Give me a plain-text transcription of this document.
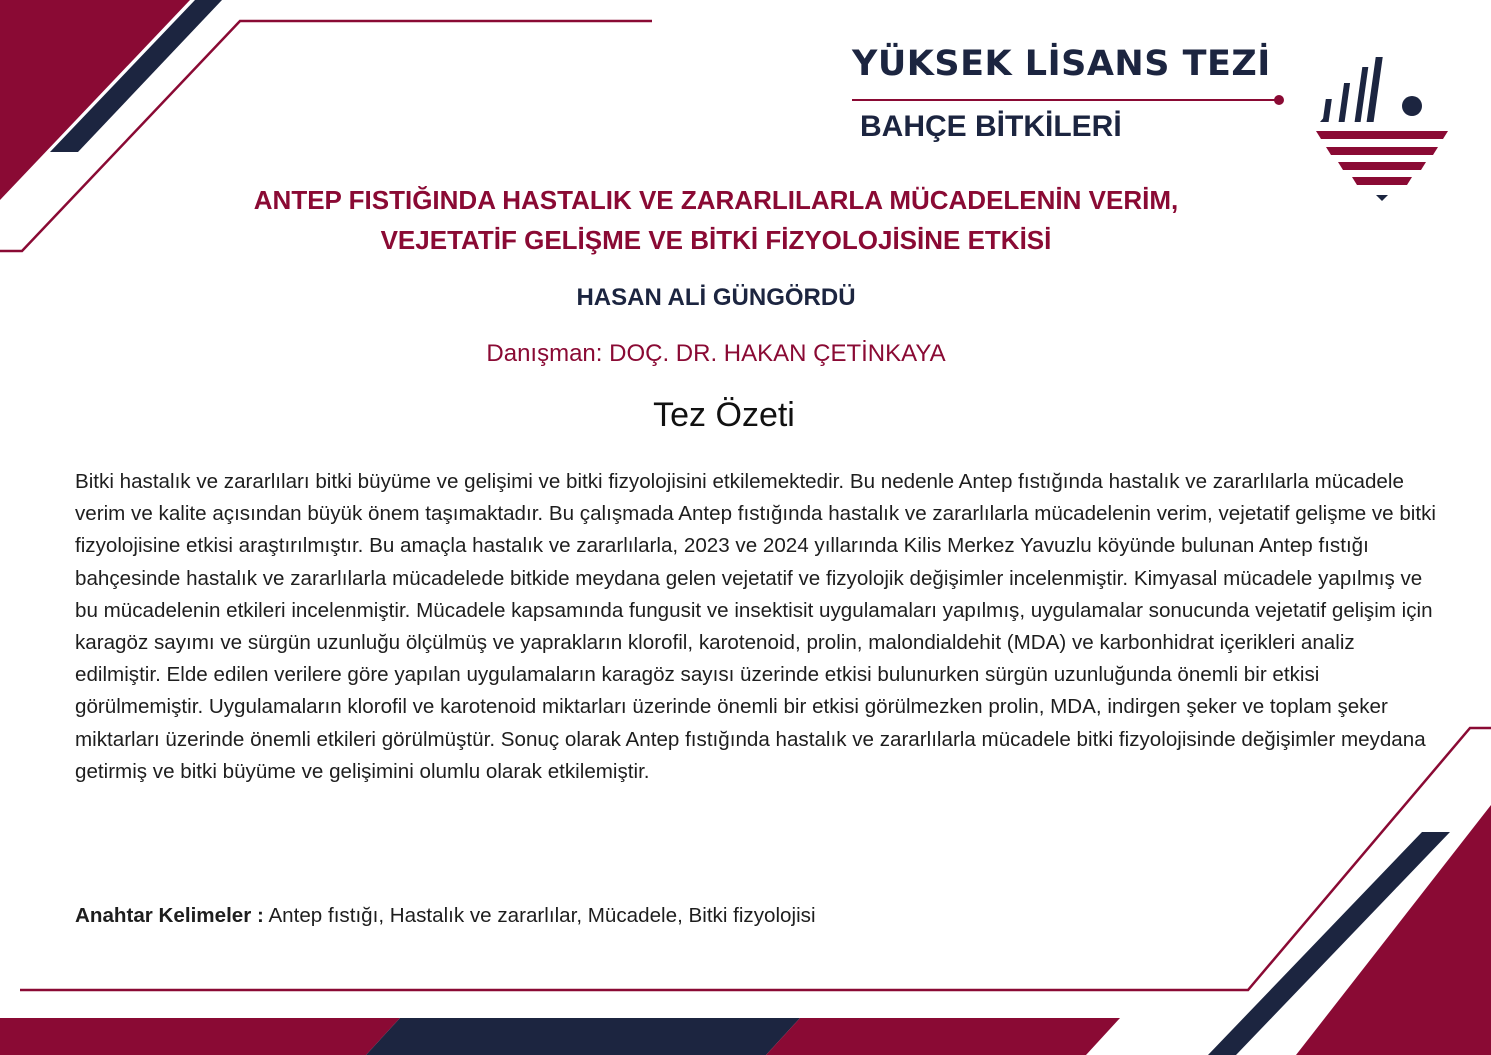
YÜKSEK LİSANS TEZİ
BAHÇE BİTKİLERİ
ANTEP FISTIĞINDA HASTALIK VE ZARARLILARLA MÜCADELENİN VERİM,
VEJETATİF GELİŞME VE BİTKİ FİZYOLOJİSİNE ETKİSİ
HASAN ALİ GÜNGÖRDÜ
Danışman: DOÇ. DR. HAKAN ÇETİNKAYA
Tez Özeti

Bitki hastalık ve zararlıları bitki büyüme ve gelişimi ve bitki fizyolojisini etkilemektedir. Bu nedenle Antep fıstığında hastalık ve zararlılarla mücadele verim ve kalite açısından büyük önem taşımaktadır. Bu çalışmada Antep fıstığında hastalık ve zararlılarla mücadelenin verim, vejetatif gelişme ve bitki fizyolojisine etkisi araştırılmıştır. Bu amaçla hastalık ve zararlılarla, 2023 ve 2024 yıllarında Kilis Merkez Yavuzlu köyünde bulunan Antep fıstığı bahçesinde hastalık ve zararlılarla mücadelede bitkide meydana gelen vejetatif ve fizyolojik değişimler incelenmiştir. Kimyasal mücadele yapılmış ve bu mücadelenin etkileri incelenmiştir. Mücadele kapsamında fungusit ve insektisit uygulamaları yapılmış, uygulamalar sonucunda vejetatif gelişim için karagöz sayımı ve sürgün uzunluğu ölçülmüş ve yaprakların klorofil, karotenoid, prolin, malondialdehit (MDA) ve karbonhidrat içerikleri analiz edilmiştir. Elde edilen verilere göre yapılan uygulamaların karagöz sayısı üzerinde etkisi bulunurken sürgün uzunluğunda önemli bir etkisi görülmemiştir. Uygulamaların klorofil ve karotenoid miktarları üzerinde önemli bir etkisi görülmezken prolin, MDA, indirgen şeker ve toplam şeker miktarları üzerinde önemli etkileri görülmüştür. Sonuç olarak Antep fıstığında hastalık ve zararlılarla mücadele bitki fizyolojisinde değişimler meydana getirmiş ve bitki büyüme ve gelişimini olumlu olarak etkilemiştir.

Anahtar Kelimeler : Antep fıstığı, Hastalık ve zararlılar, Mücadele, Bitki fizyolojisi
